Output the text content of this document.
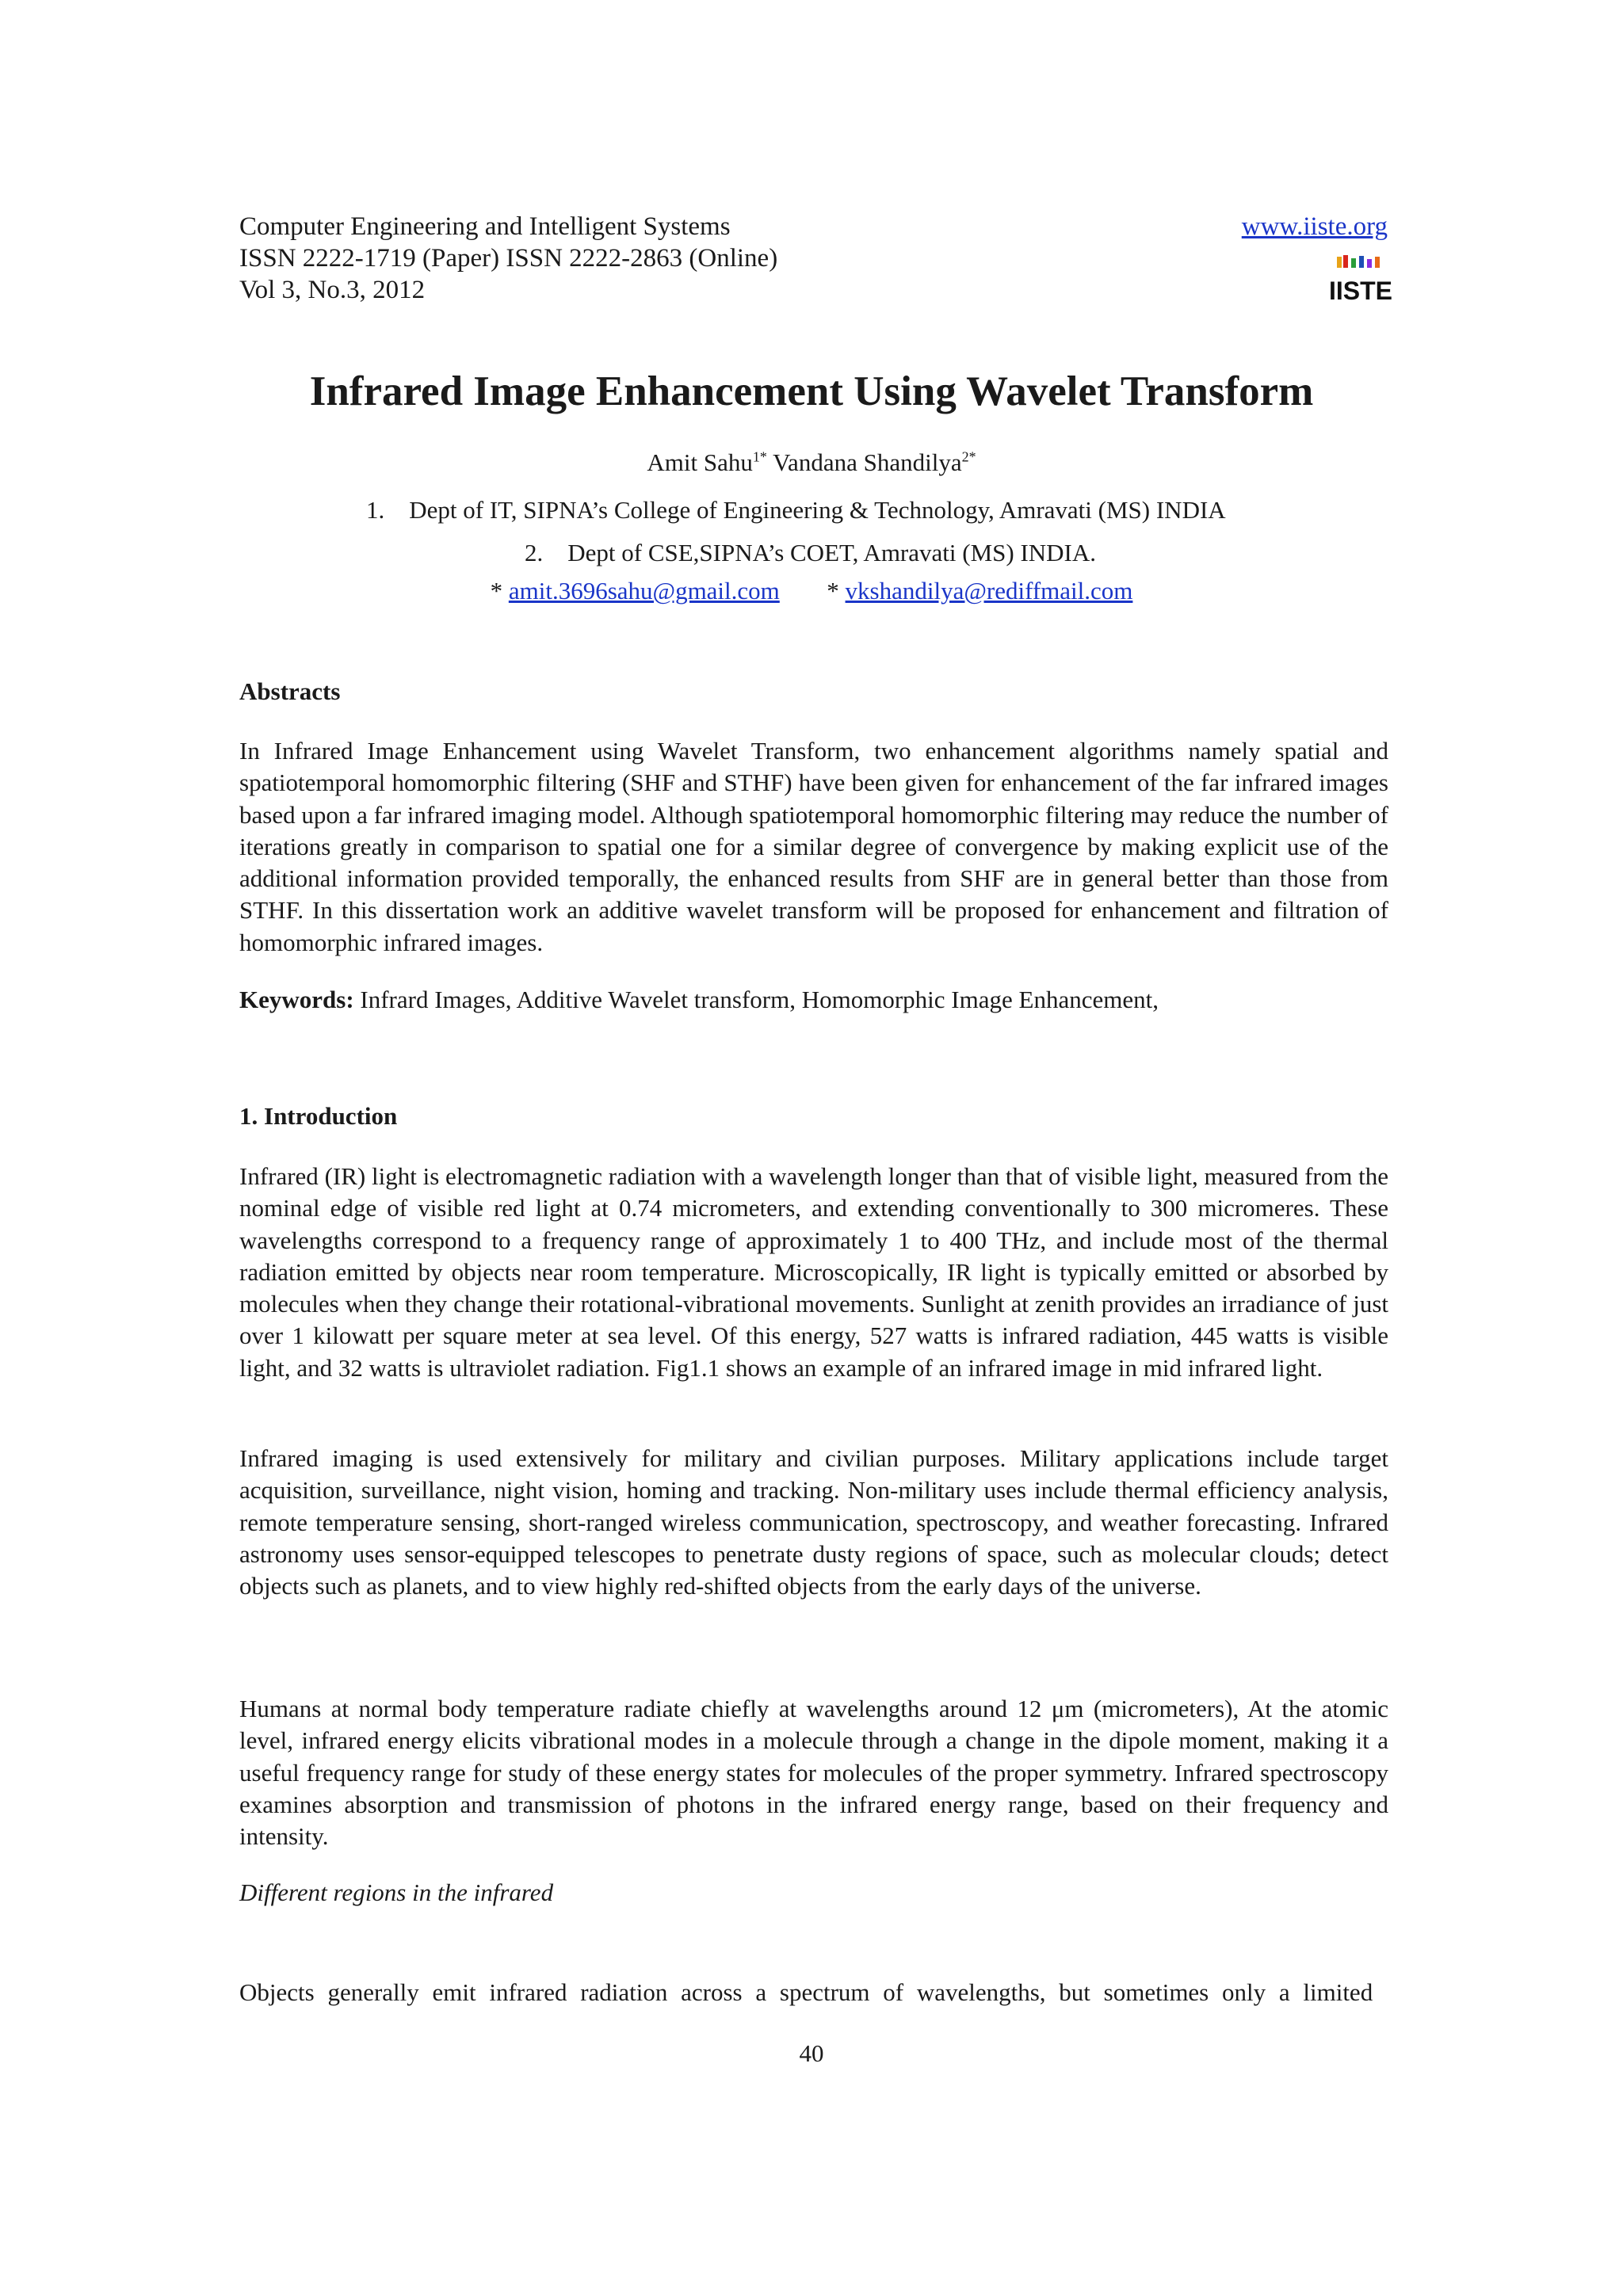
Computer Engineering and Intelligent Systems
ISSN 2222-1719 (Paper) ISSN 2222-2863 (Online)
Vol 3, No.3, 2012
www.iiste.org
IISTE
Infrared Image Enhancement Using Wavelet Transform
Amit Sahu$^{1*}$ Vandana Shandilya$^{2*}$
1.    Dept of IT, SIPNA’s College of Engineering & Technology, Amravati (MS) INDIA
2.    Dept of CSE,SIPNA’s COET, Amravati (MS) INDIA.
* amit.3696sahu@gmail.com * vkshandilya@rediffmail.com
Abstracts

In Infrared Image Enhancement using Wavelet Transform, two enhancement algorithms namely spatial and spatiotemporal homomorphic filtering (SHF and STHF) have been given for enhancement of the far infrared images based upon a far infrared imaging model. Although spatiotemporal homomorphic filtering may reduce the number of iterations greatly in comparison to spatial one for a similar degree of convergence by making explicit use of the additional information provided temporally, the enhanced results from SHF are in general better than those from STHF. In this dissertation work an additive wavelet transform will be proposed for enhancement and filtration of homomorphic infrared images.

Keywords: Infrard Images, Additive Wavelet transform, Homomorphic Image Enhancement,
1. Introduction

Infrared (IR) light is electromagnetic radiation with a wavelength longer than that of visible light, measured from the nominal edge of visible red light at 0.74 micrometers, and extending conventionally to 300 micromeres. These wavelengths correspond to a frequency range of approximately 1 to 400 THz, and include most of the thermal radiation emitted by objects near room temperature. Microscopically, IR light is typically emitted or absorbed by molecules when they change their rotational-vibrational movements. Sunlight at zenith provides an irradiance of just over 1 kilowatt per square meter at sea level. Of this energy, 527 watts is infrared radiation, 445 watts is visible light, and 32 watts is ultraviolet radiation. Fig1.1 shows an example of an infrared image in mid infrared light.

Infrared imaging is used extensively for military and civilian purposes. Military applications include target acquisition, surveillance, night vision, homing and tracking. Non-military uses include thermal efficiency analysis, remote temperature sensing, short-ranged wireless communication, spectroscopy, and weather forecasting. Infrared astronomy uses sensor-equipped telescopes to penetrate dusty regions of space, such as molecular clouds; detect objects such as planets, and to view highly red-shifted objects from the early days of the universe.

Humans at normal body temperature radiate chiefly at wavelengths around 12 μm (micrometers), At the atomic level, infrared energy elicits vibrational modes in a molecule through a change in the dipole moment, making it a useful frequency range for study of these energy states for molecules of the proper symmetry. Infrared spectroscopy examines absorption and transmission of photons in the infrared energy range, based on their frequency and intensity.

Different regions in the infrared

Objects generally emit infrared radiation across a spectrum of wavelengths, but sometimes only a limited

40
